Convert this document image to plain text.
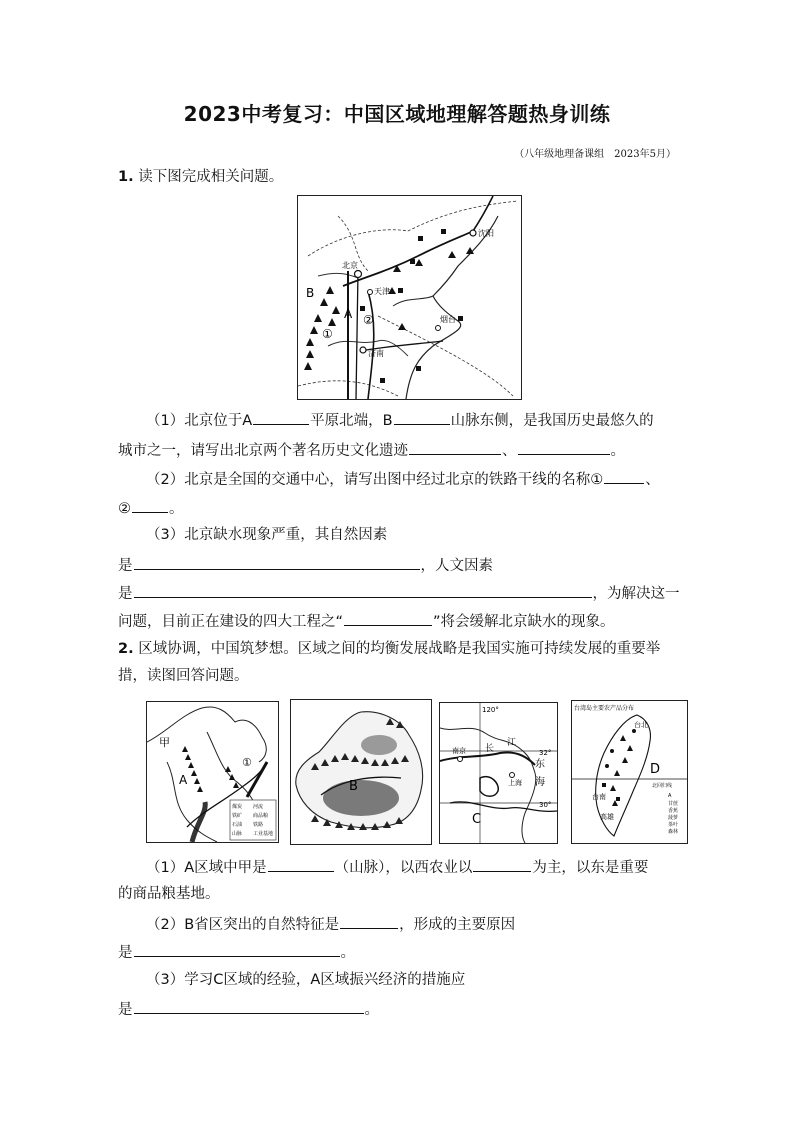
2023中考复习：中国区域地理解答题热身训练
（八年级地理备课组　2023年5月）
1. 读下图完成相关问题。
沈阳
北京
天津
烟台
济南
B
A
①
②
（1）北京位于A	平原北端，B	山脉东侧，是我国历史最悠久的
城市之一，请写出北京两个著名历史文化遗迹	、	。
（2）北京是全国的交通中心，请写出图中经过北京的铁路干线的名称①	、
②	。
（3）北京缺水现象严重，其自然因素
是	，人文因素
是	，为解决这一
问题，目前正在建设的四大工程之“	”将会缓解北京缺水的现象。
2. 区域协调，中国筑梦想。区域之间的均衡发展战略是我国实施可持续发展的重要举
措，读图回答问题。
甲
A
①
煤炭
铁矿
石油
山脉
河流
商品粮
铁路
工业基地
B
120°
32°
30°
南京 长
江
东
海
上海
C
台湾岛主要农产品分布
台北
D
台南
高雄
北回归线
A
甘蔗
香蕉
菠萝
茶叶
森林
（1）A区域中甲是	（山脉），以西农业以	为主，以东是重要
的商品粮基地。
（2）B省区突出的自然特征是	，形成的主要原因
是	。
（3）学习C区域的经验，A区域振兴经济的措施应
是	。
